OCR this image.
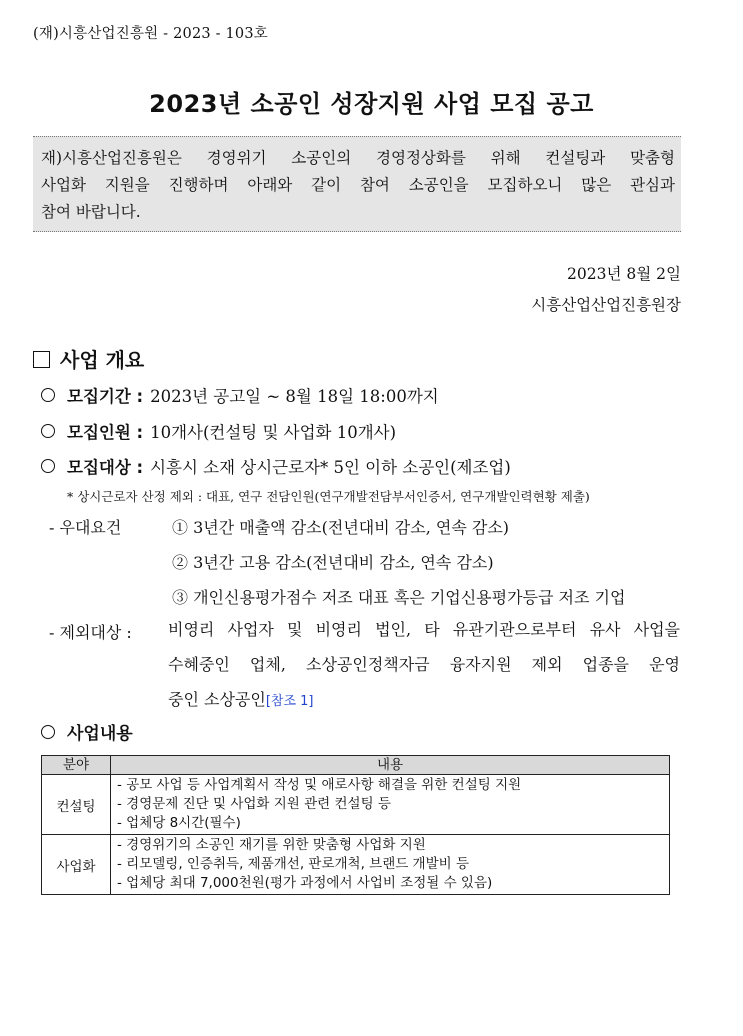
(재)시흥산업진흥원 - 2023 - 103호
2023년 소공인 성장지원 사업 모집 공고
재)시흥산업진흥원은 경영위기 소공인의 경영정상화를 위해 컨설팅과 맞춤형
사업화 지원을 진행하며 아래와 같이 참여 소공인을 모집하오니 많은 관심과
참여 바랍니다.
2023년 8월 2일
시흥산업산업진흥원장
사업 개요
모집기간 : 2023년 공고일 ~ 8월 18일 18:00까지
모집인원 : 10개사(컨설팅 및 사업화 10개사)
모집대상 : 시흥시 소재 상시근로자* 5인 이하 소공인(제조업)
* 상시근로자 산정 제외 : 대표, 연구 전담인원(연구개발전담부서인증서, 연구개발인력현황 제출)
- 우대요건	① 3년간 매출액 감소(전년대비 감소, 연속 감소)
② 3년간 고용 감소(전년대비 감소, 연속 감소)
③ 개인신용평가점수 저조 대표 혹은 기업신용평가등급 저조 기업
- 제외대상 : 비영리 사업자 및 비영리 법인, 타 유관기관으로부터 유사 사업을
수혜중인 업체, 소상공인정책자금 융자지원 제외 업종을 운영
중인 소상공인[참조 1]
사업내용
분야	내용
컨설팅	- 공모 사업 등 사업계획서 작성 및 애로사항 해결을 위한 컨설팅 지원
- 경영문제 진단 및 사업화 지원 관련 컨설팅 등
- 업체당 8시간(필수)

사업화	- 경영위기의 소공인 재기를 위한 맞춤형 사업화 지원
- 리모델링, 인증취득, 제품개선, 판로개척, 브랜드 개발비 등
- 업체당 최대 7,000천원(평가 과정에서 사업비 조정될 수 있음)
